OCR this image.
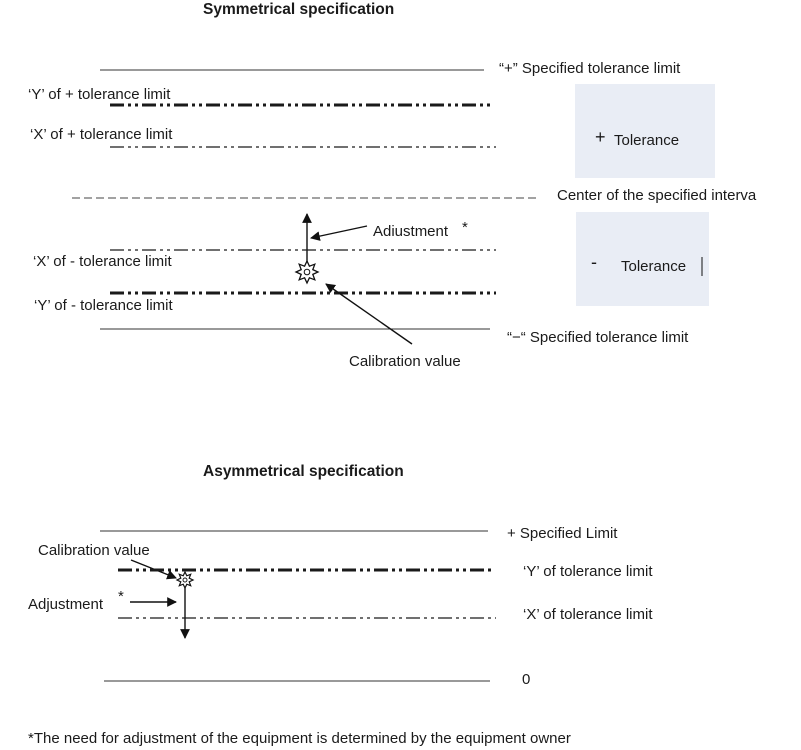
Symmetrical specification
“+” Specified tolerance limit
‘Y’ of + tolerance limit
‘X’ of + tolerance limit	+ Tolerance
Center of the specified interva
- Tolerance
Adiustment *
‘X’ of - tolerance limit
‘Y’ of - tolerance limit
“−“ Specified tolerance limit
Calibration value
Asymmetrical specification
+ Specified Limit
Calibration value
‘Y’ of tolerance limit
Adjustment *
‘X’ of tolerance limit
0
*The need for adjustment of the equipment is determined by the equipment owner
